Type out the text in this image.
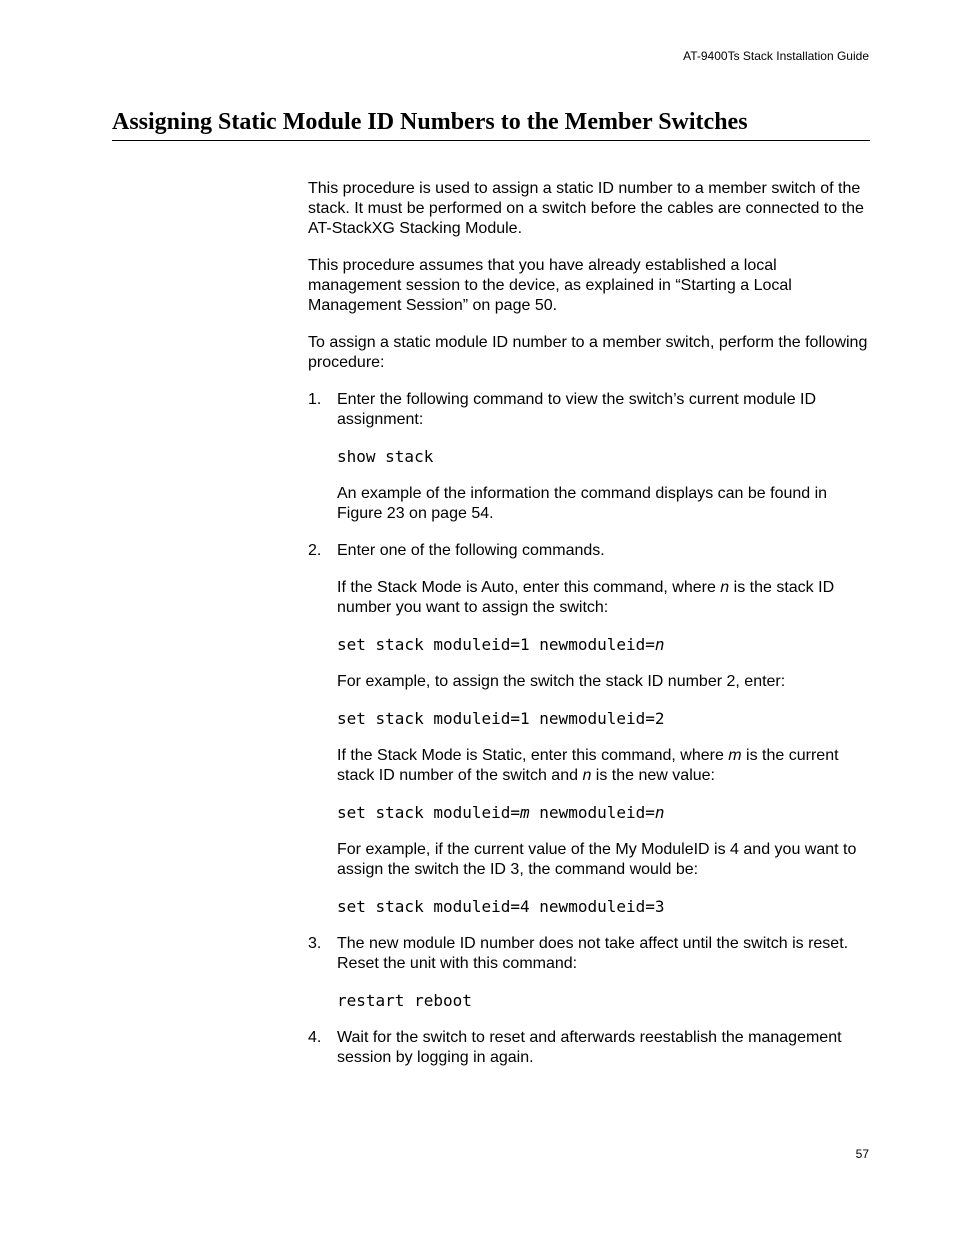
AT-9400Ts Stack Installation Guide
Assigning Static Module ID Numbers to the Member Switches

This procedure is used to assign a static ID number to a member switch of the stack. It must be performed on a switch before the cables are connected to the AT-StackXG Stacking Module.

This procedure assumes that you have already established a local management session to the device, as explained in “Starting a Local Management Session” on page 50.

To assign a static module ID number to a member switch, perform the following procedure:

1. Enter the following command to view the switch’s current module ID assignment:

show stack

An example of the information the command displays can be found in Figure 23 on page 54.

2. Enter one of the following commands.

If the Stack Mode is Auto, enter this command, where n is the stack ID number you want to assign the switch:

set stack moduleid=1 newmoduleid=n

For example, to assign the switch the stack ID number 2, enter:

set stack moduleid=1 newmoduleid=2

If the Stack Mode is Static, enter this command, where m is the current stack ID number of the switch and n is the new value:

set stack moduleid=m newmoduleid=n

For example, if the current value of the My ModuleID is 4 and you want to assign the switch the ID 3, the command would be:

set stack moduleid=4 newmoduleid=3

3. The new module ID number does not take affect until the switch is reset. Reset the unit with this command:

restart reboot

4. Wait for the switch to reset and afterwards reestablish the management session by logging in again.

57
